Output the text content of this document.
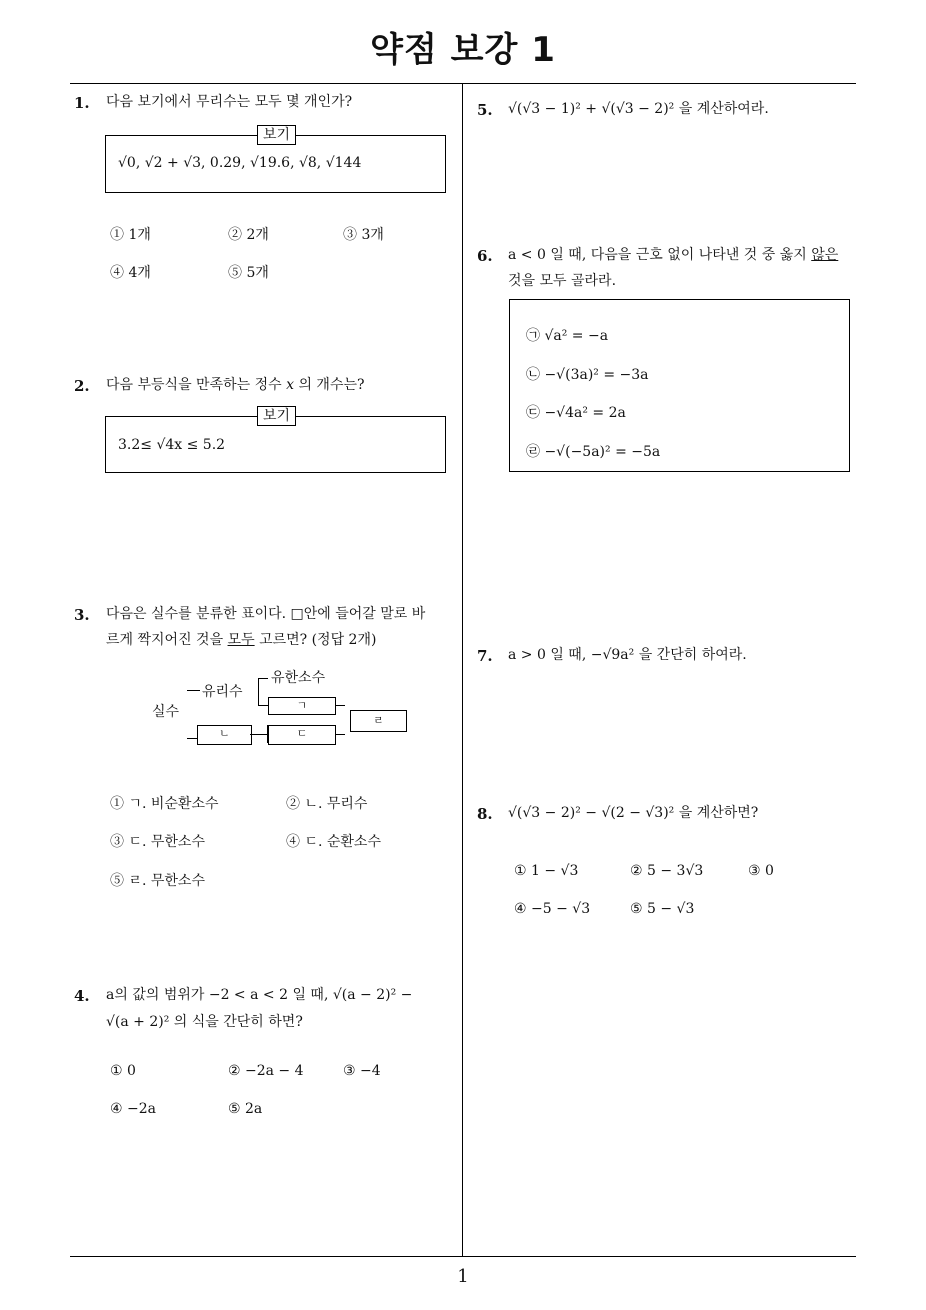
약점 보강 1
1
1. 다음 보기에서 무리수는 모두 몇 개인가?
보기
√0, √2 + √3, 0.29, √19.6, √8, √144
① 1개	② 2개	③ 3개
④ 4개	⑤ 5개
2. 다음 부등식을 만족하는 정수 x 의 개수는?
보기
3.2≤ √4x ≤ 5.2
3. 다음은 실수를 분류한 표이다. □안에 들어갈 말로 바
르게 짝지어진 것을 모두 고르면? (정답 2개)
실수
유리수
유한소수
ㄱ
ㄹ
ㄴ	ㄷ
① ㄱ. 비순환소수	② ㄴ. 무리수
③ ㄷ. 무한소수	④ ㄷ. 순환소수
⑤ ㄹ. 무한소수
4. a의 값의 범위가 −2 < a < 2 일 때, √(a − 2)² −
√(a + 2)² 의 식을 간단히 하면?
① 0	② −2a − 4	③ −4
④ −2a	⑤ 2a
5. √(√3 − 1)² + √(√3 − 2)² 을 계산하여라.
6. a < 0 일 때, 다음을 근호 없이 나타낸 것 중 옳지 않은
것을 모두 골라라.
㉠ √a² = −a
㉡ −√(3a)² = −3a
㉢ −√4a² = 2a
㉣ −√(−5a)² = −5a
7. a > 0 일 때, −√9a² 을 간단히 하여라.
8. √(√3 − 2)² − √(2 − √3)² 을 계산하면?
① 1 − √3	② 5 − 3√3	③ 0
④ −5 − √3	⑤ 5 − √3
